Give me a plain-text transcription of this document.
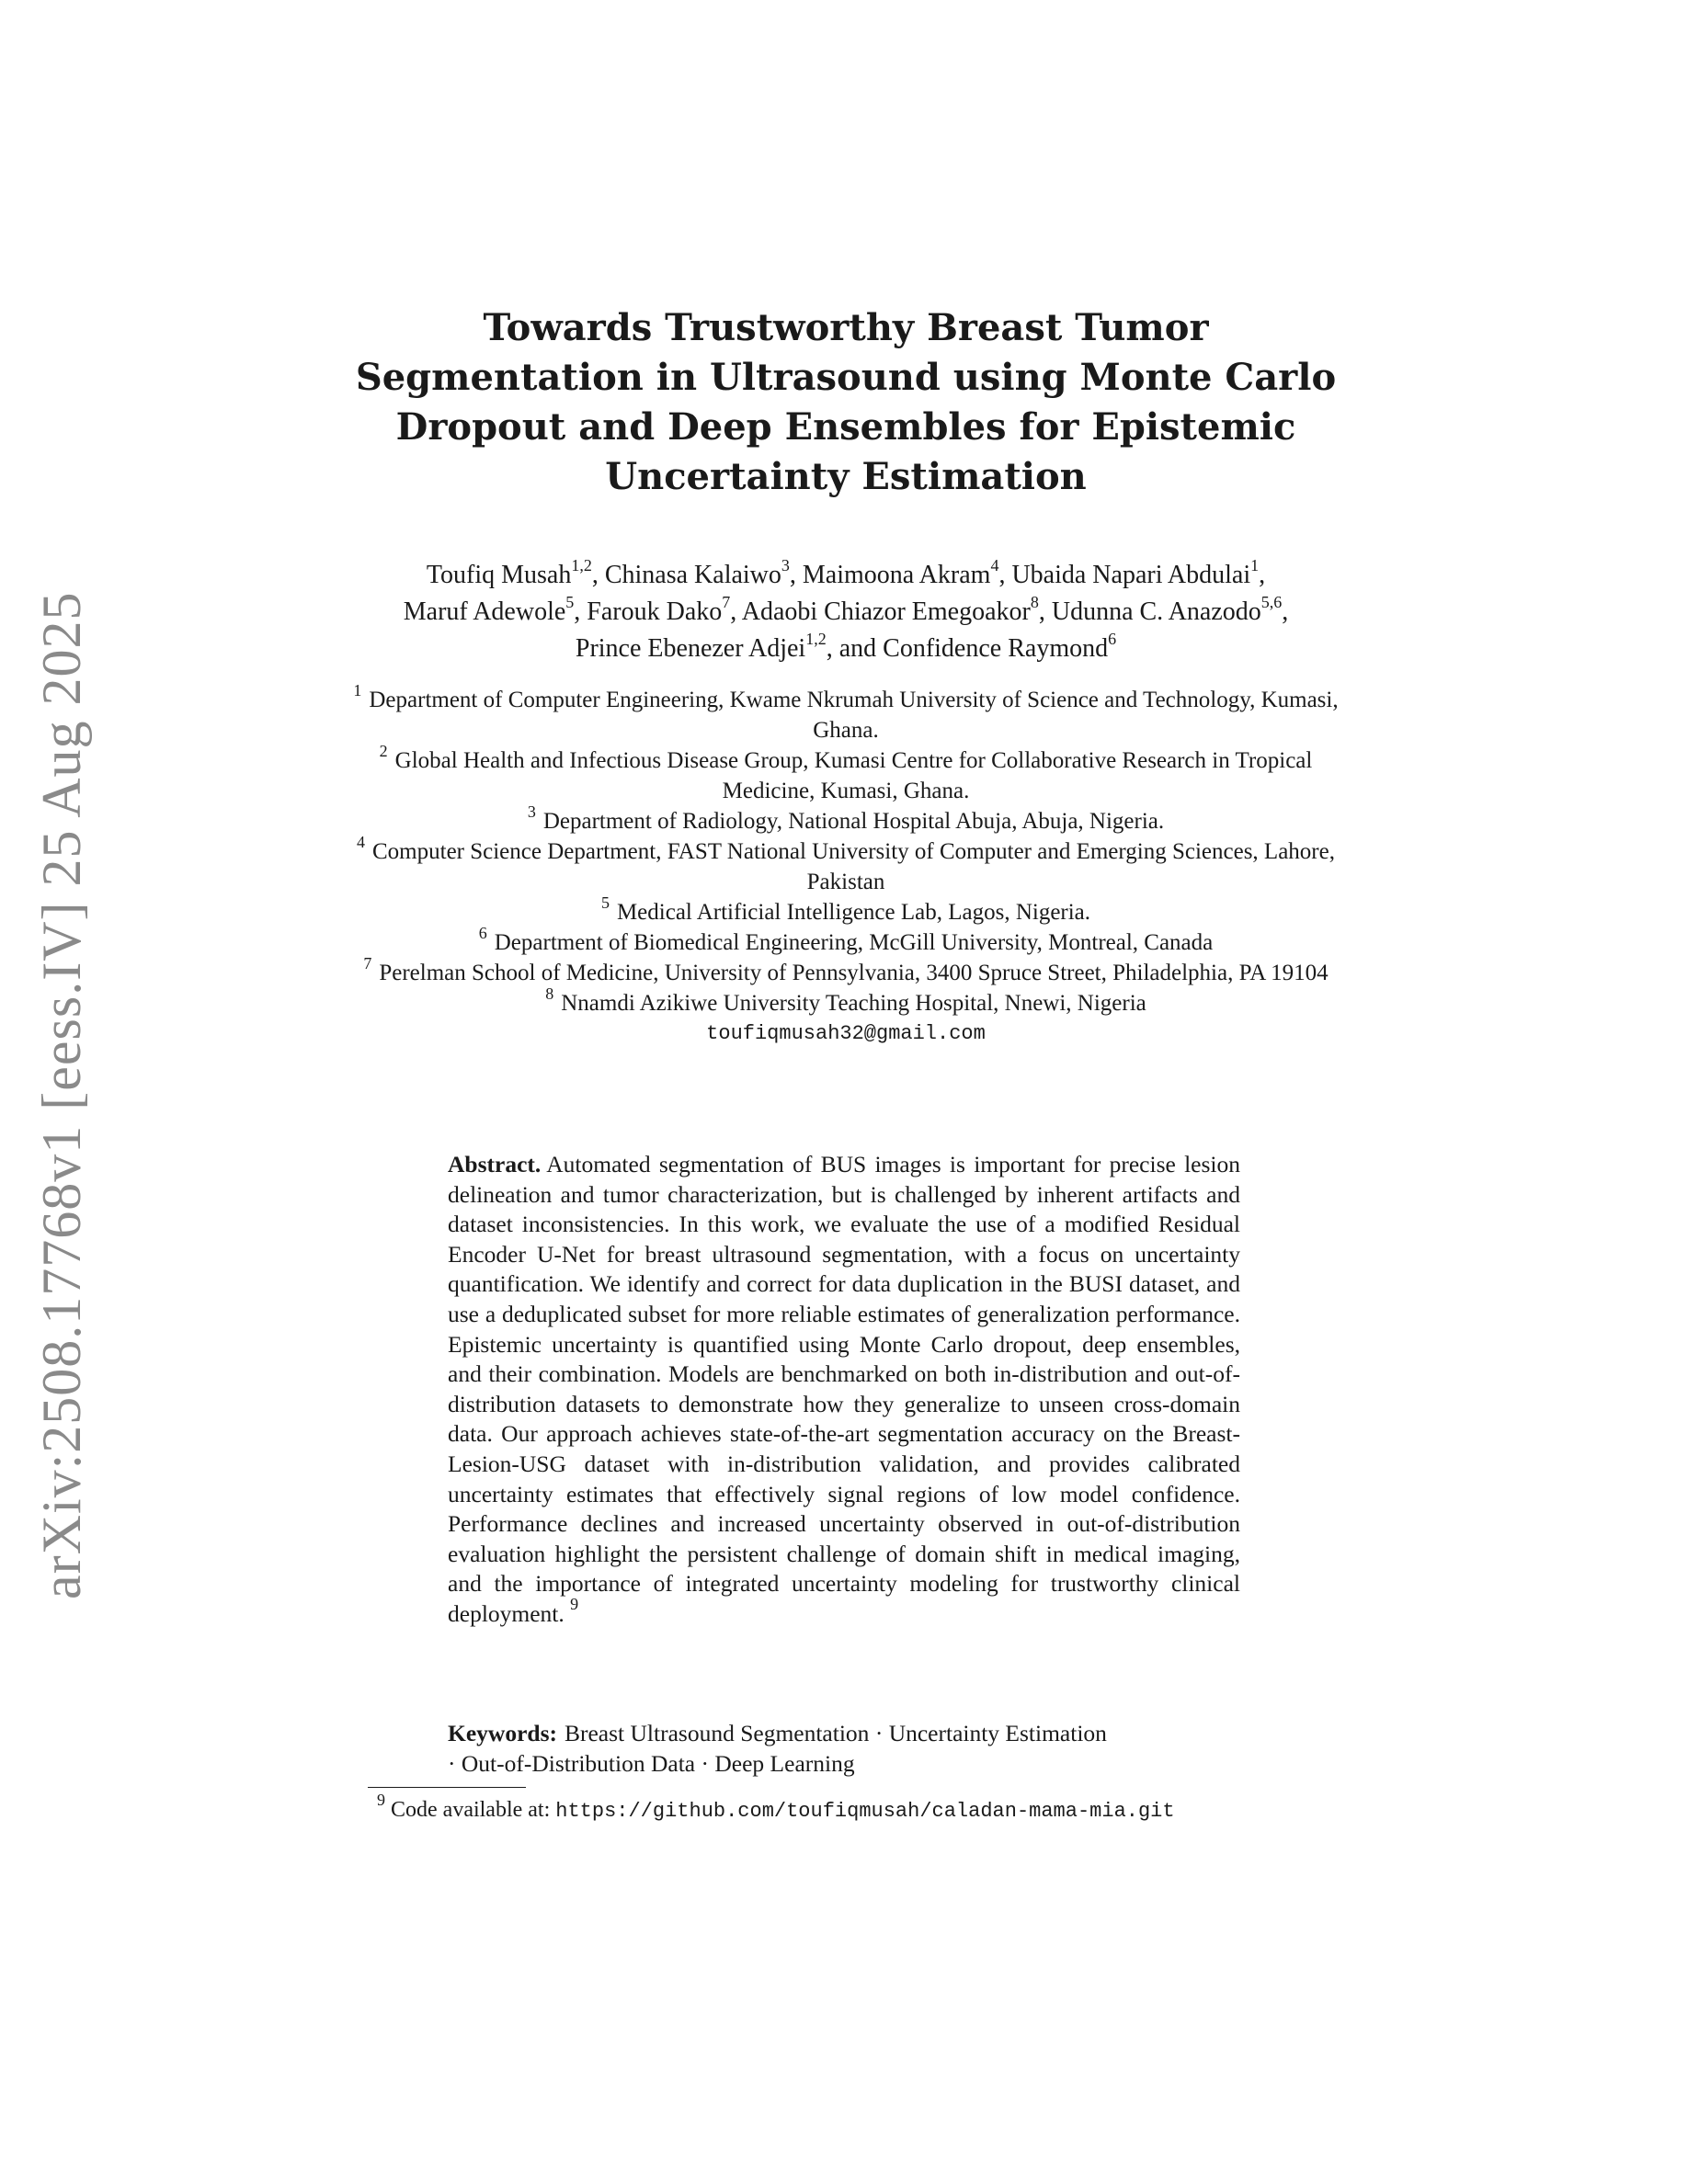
arXiv:2508.17768v1 [eess.IV] 25 Aug 2025
Towards Trustworthy Breast Tumor
Segmentation in Ultrasound using Monte Carlo
Dropout and Deep Ensembles for Epistemic
Uncertainty Estimation
Toufiq Musah$^{1,2}$, Chinasa Kalaiwo$^3$, Maimoona Akram$^4$, Ubaida Napari Abdulai$^1$, Maruf Adewole$^5$, Farouk Dako$^7$, Adaobi Chiazor Emegoakor$^8$, Udunna C. Anazodo$^{5,6}$, Prince Ebenezer Adjei$^{1,2}$, and Confidence Raymond$^6$

$^1$ Department of Computer Engineering, Kwame Nkrumah University of Science and Technology, Kumasi, Ghana.

$^2$ Global Health and Infectious Disease Group, Kumasi Centre for Collaborative Research in Tropical Medicine, Kumasi, Ghana.

$^3$ Department of Radiology, National Hospital Abuja, Abuja, Nigeria.

$^4$ Computer Science Department, FAST National University of Computer and Emerging Sciences, Lahore, Pakistan

$^5$ Medical Artificial Intelligence Lab, Lagos, Nigeria.

$^6$ Department of Biomedical Engineering, McGill University, Montreal, Canada

$^7$ Perelman School of Medicine, University of Pennsylvania, 3400 Spruce Street, Philadelphia, PA 19104

$^8$ Nnamdi Azikiwe University Teaching Hospital, Nnewi, Nigeria

toufiqmusah32@gmail.com

Abstract. Automated segmentation of BUS images is important for precise lesion delineation and tumor characterization, but is challenged by inherent artifacts and dataset inconsistencies. In this work, we evaluate the use of a modified Residual Encoder U-Net for breast ultrasound segmentation, with a focus on uncertainty quantification. We identify and correct for data duplication in the BUSI dataset, and use a deduplicated subset for more reliable estimates of generalization performance. Epistemic uncertainty is quantified using Monte Carlo dropout, deep ensembles, and their combination. Models are benchmarked on both in-distribution and out-of-distribution datasets to demonstrate how they generalize to unseen cross-domain data. Our approach achieves state-of-the-art segmentation accuracy on the Breast-Lesion-USG dataset with in-distribution validation, and provides calibrated uncertainty estimates that effectively signal regions of low model confidence. Performance declines and increased uncertainty observed in out-of-distribution evaluation highlight the persistent challenge of domain shift in medical imaging, and the importance of integrated uncertainty modeling for trustworthy clinical deployment. $^9$

Keywords: Breast Ultrasound Segmentation · Uncertainty Estimation
· Out-of-Distribution Data · Deep Learning

$^9$ Code available at: https://github.com/toufiqmusah/caladan-mama-mia.git
